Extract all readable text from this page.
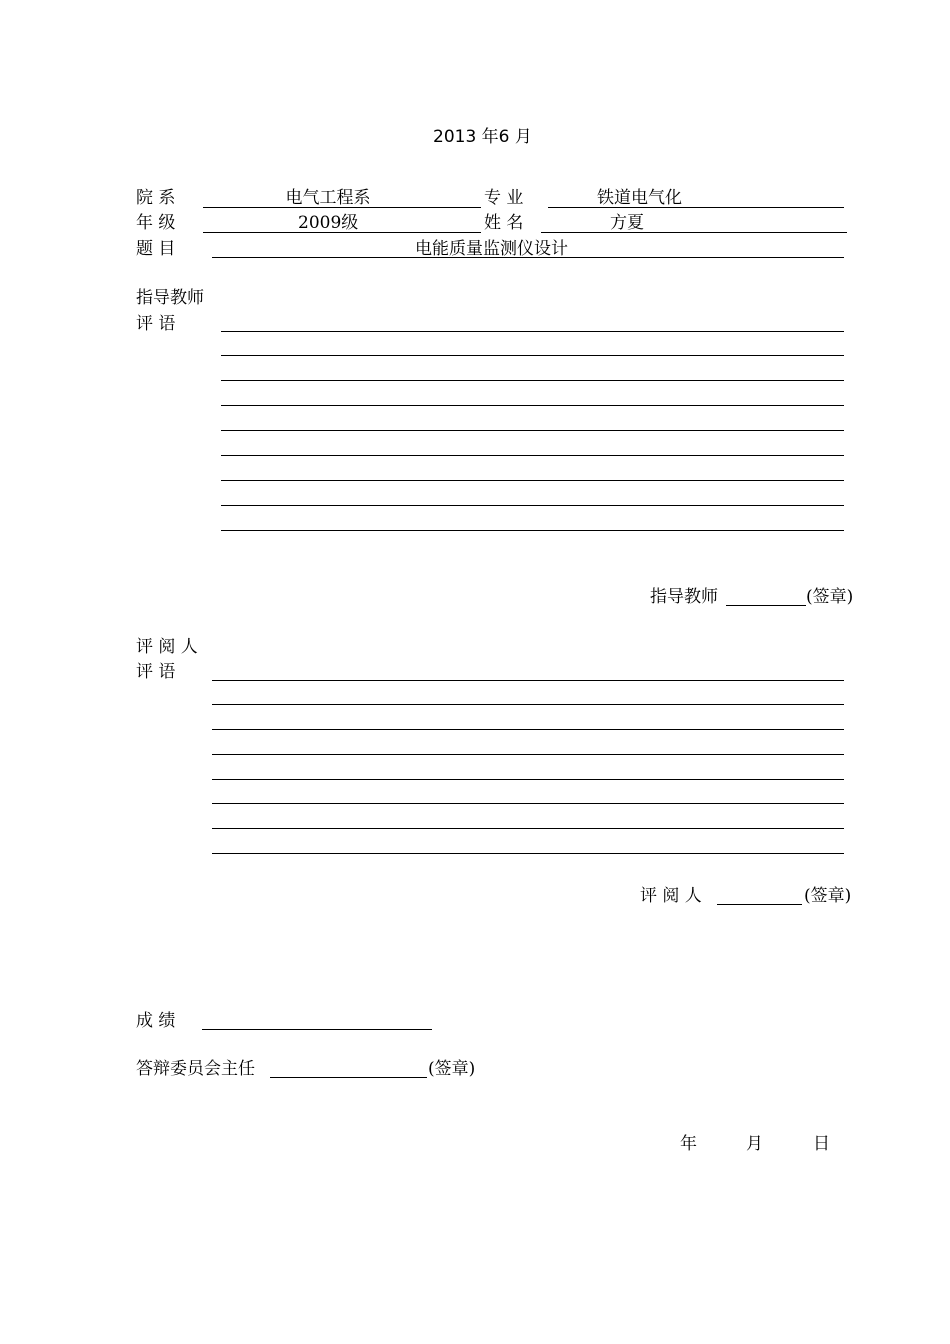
2013 年6 月
院 系	电气工程系	专 业	铁道电气化
年 级	2009级	姓 名	方夏
题 目	电能质量监测仪设计
指导教师
评 语
指导教师	(签章)
评 阅 人
评 语
评 阅 人	(签章)
成 绩
答辩委员会主任	(签章)
年	月	日
